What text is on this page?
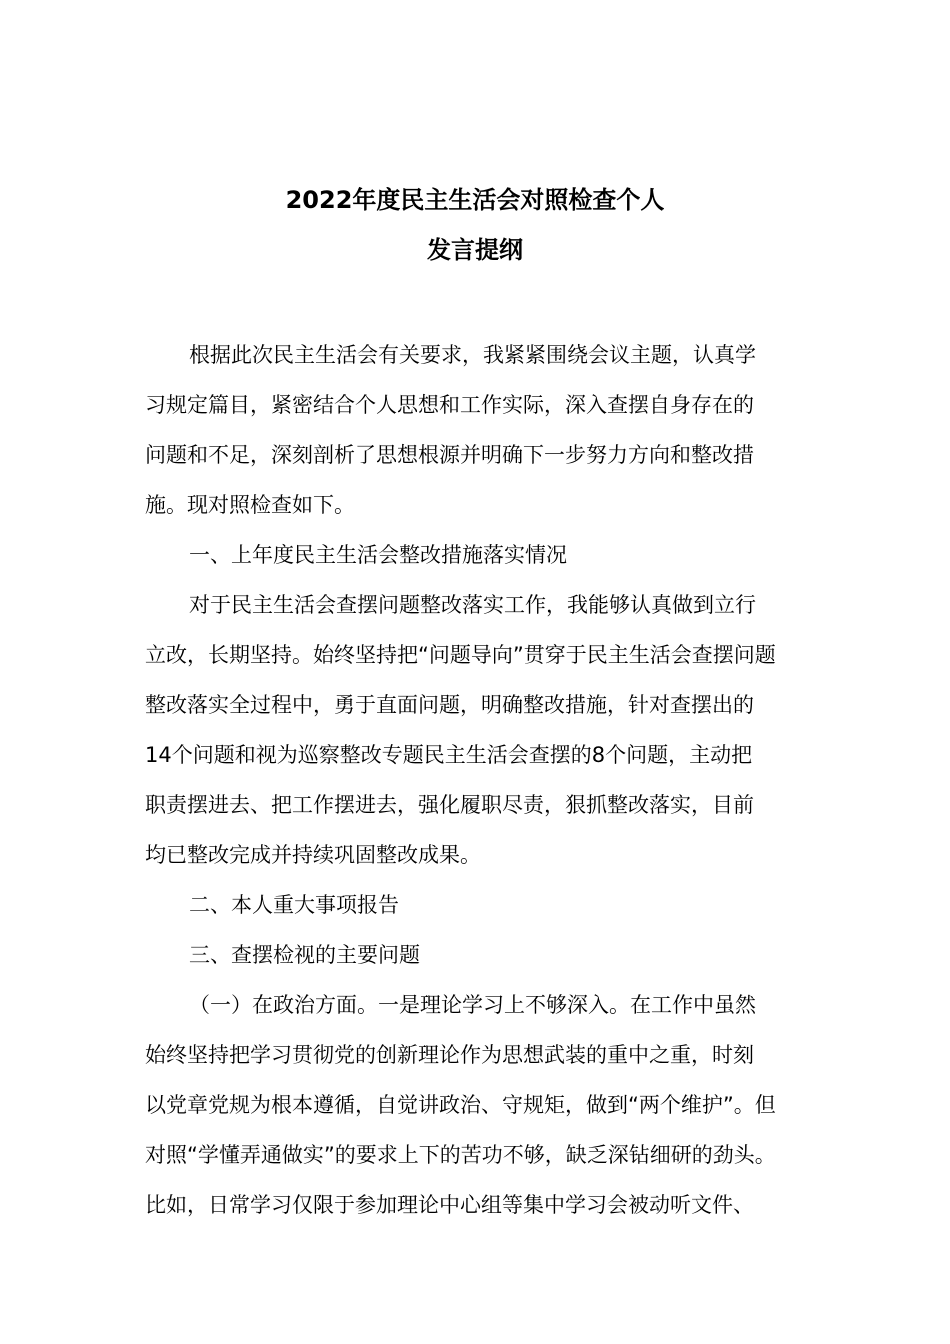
2022年度民主生活会对照检查个人
发言提纲
根据此次民主生活会有关要求，我紧紧围绕会议主题，认真学
习规定篇目，紧密结合个人思想和工作实际，深入查摆自身存在的
问题和不足，深刻剖析了思想根源并明确下一步努力方向和整改措
施。现对照检查如下。
一、上年度民主生活会整改措施落实情况
对于民主生活会查摆问题整改落实工作，我能够认真做到立行
立改，长期坚持。始终坚持把“问题导向”贯穿于民主生活会查摆问题
整改落实全过程中，勇于直面问题，明确整改措施，针对查摆出的
14个问题和视为巡察整改专题民主生活会查摆的8个问题，主动把
职责摆进去、把工作摆进去，强化履职尽责，狠抓整改落实，目前
均已整改完成并持续巩固整改成果。
二、本人重大事项报告
三、查摆检视的主要问题
（一）在政治方面。一是理论学习上不够深入。在工作中虽然
始终坚持把学习贯彻党的创新理论作为思想武装的重中之重，时刻
以党章党规为根本遵循，自觉讲政治、守规矩，做到“两个维护”。但
对照“学懂弄通做实”的要求上下的苦功不够，缺乏深钻细研的劲头。
比如，日常学习仅限于参加理论中心组等集中学习会被动听文件、
